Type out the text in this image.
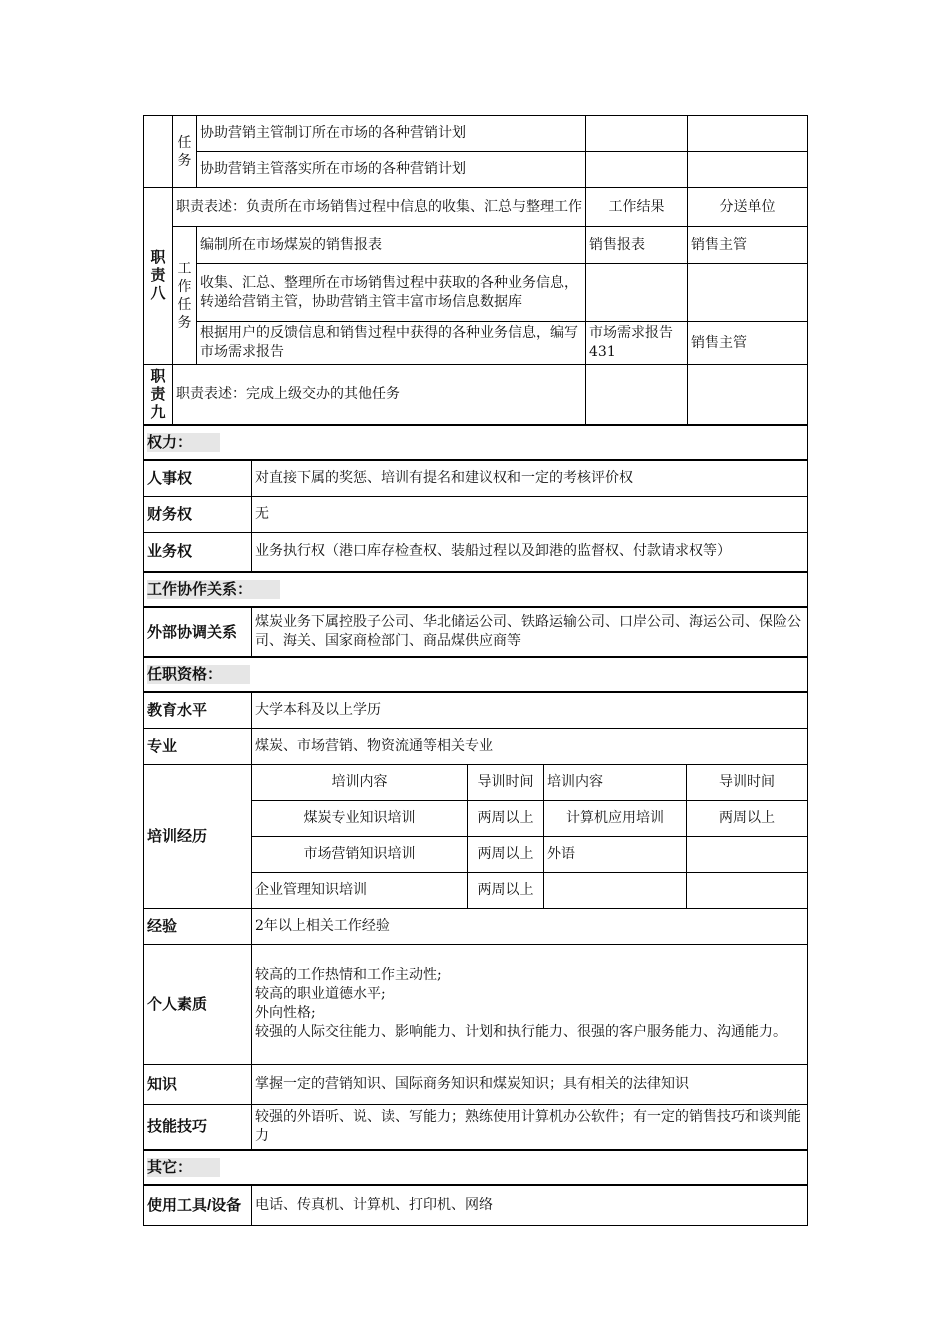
	任务	协助营销主管制订所在市场的各种营销计划		
		协助营销主管落实所在市场的各种营销计划		
职责八	职责表述：负责所在市场销售过程中信息的收集、汇总与整理工作		工作结果	分送单位
	工作任务	编制所在市场煤炭的销售报表	销售报表	销售主管
		收集、汇总、整理所在市场销售过程中获取的各种业务信息，转递给营销主管，协助营销主管丰富市场信息数据库		
		根据用户的反馈信息和销售过程中获得的各种业务信息，编写市场需求报告	市场需求报告431	销售主管
职责九	职责表述：完成上级交办的其他任务			
权力：				
人事权	对直接下属的奖惩、培训有提名和建议权和一定的考核评价权			
财务权	无			
业务权	业务执行权（港口库存检查权、装船过程以及卸港的监督权、付款请求权等）			
工作协作关系：				
外部协调关系	煤炭业务下属控股子公司、华北储运公司、铁路运输公司、口岸公司、海运公司、保险公司、海关、国家商检部门、商品煤供应商等			
任职资格：				
教育水平	大学本科及以上学历			
专业	煤炭、市场营销、物资流通等相关专业			
培训经历	培训内容	导训时间	培训内容	导训时间
	煤炭专业知识培训	两周以上	计算机应用培训	两周以上
	市场营销知识培训	两周以上	外语	
	企业管理知识培训	两周以上		
经验	2年以上相关工作经验			
个人素质	较高的工作热情和工作主动性;
较高的职业道德水平;
外向性格;
较强的人际交往能力、影响能力、计划和执行能力、很强的客户服务能力、沟通能力。			

知识	掌握一定的营销知识、国际商务知识和煤炭知识；具有相关的法律知识			
技能技巧	较强的外语听、说、读、写能力；熟练使用计算机办公软件；有一定的销售技巧和谈判能力			
其它：				
使用工具/设备	电话、传真机、计算机、打印机、网络			
